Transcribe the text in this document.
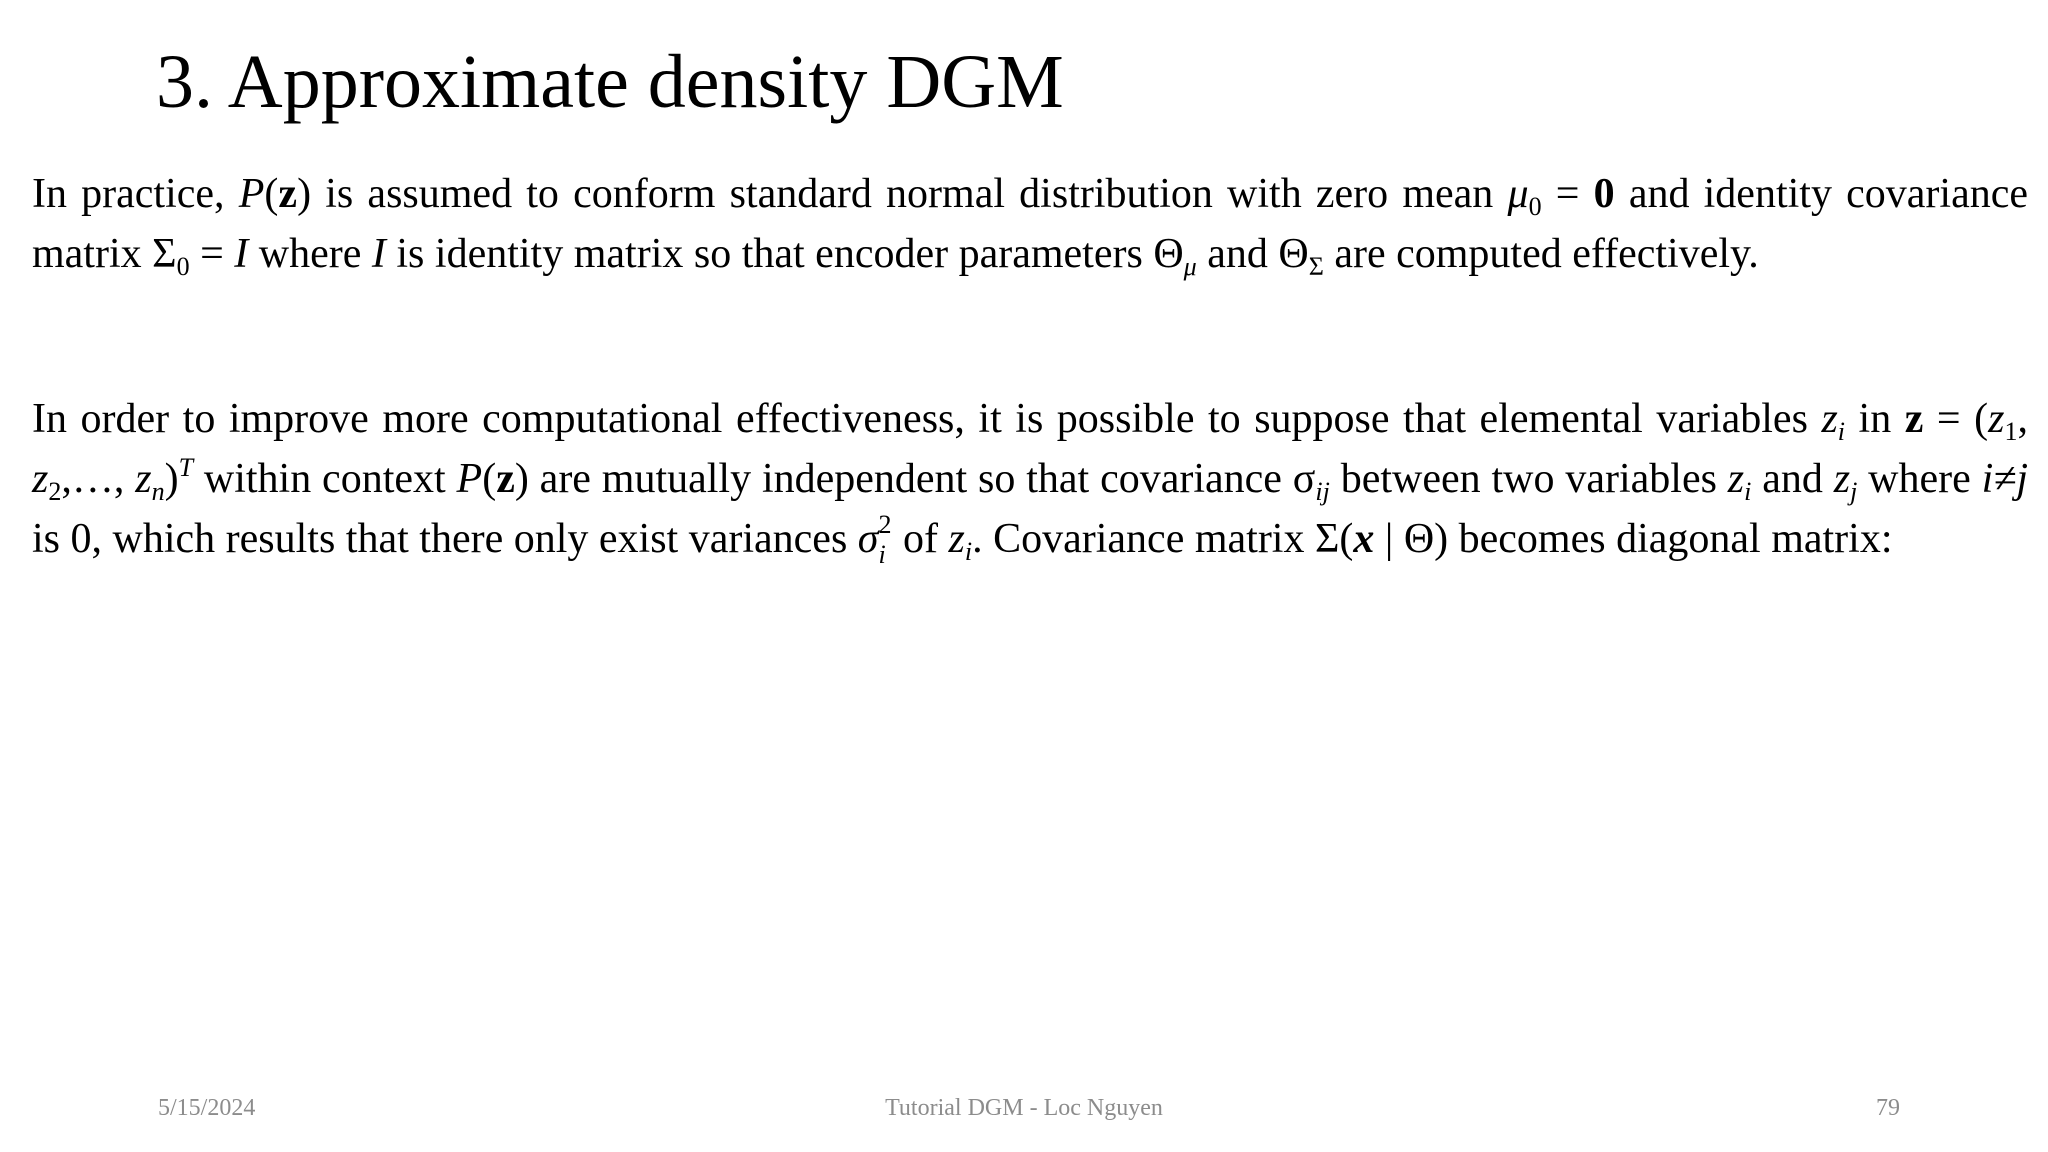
3. Approximate density DGM

In practice, P(z) is assumed to conform standard normal distribution with zero mean $\mu_0 = 0$ and identity covariance matrix $\Sigma_0 = I$ where I is identity matrix so that encoder parameters $\Theta_\mu$ and $\Theta_\Sigma$ are computed effectively.

In order to improve more computational effectiveness, it is possible to suppose that elemental variables $z_i$ in $z = (z_1$, $z_2,\dots$, $z_n)^T$ within context P(z) are mutually independent so that covariance $\sigma_{ij}$ between two variables $z_i$ and $z_j$ where i≠j is 0, which results that there only exist variances σ 2
i of $z_i$. Covariance matrix Σ(x | Θ) becomes diagonal matrix:

5/15/2024	Tutorial DGM - Loc Nguyen	79
